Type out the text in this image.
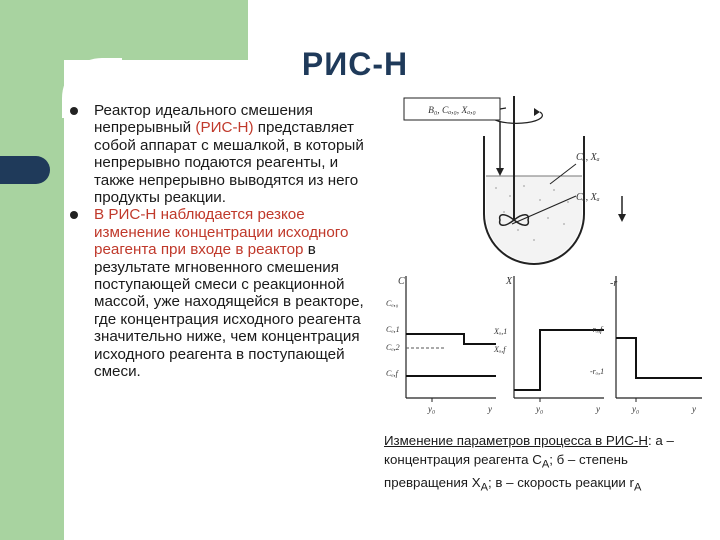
РИС-Н
Реактор идеального смешения непрерывный (РИС-Н) представляет собой аппарат с мешалкой, в который непрерывно подаются реагенты, и также непрерывно выводятся из него продукты реакции.
В РИС-Н наблюдается резкое изменение концентрации исходного реагента при входе в реактор в результате мгновенного смешения поступающей смеси с реакционной массой, уже находящейся в реакторе, где концентрация исходного реагента значительно ниже, чем концентрация исходного реагента в поступающей смеси.
B₀, Cₐ,₀, Xₐ,₀
Cₐ, Xₐ
Cₐ, Xₐ
C
Cₐ,₀
Cₐ,1
Cₐ,2
Cₐ,f
y₀	y
X
Xₐ,1
Xₐ,f
y₀	y
-r
-rₐ,f
-rₐ,1
y₀	y
Изменение параметров процесса в РИС-Н: а – концентрация реагента $C_A$; б – степень превращения $X_A$; в – скорость реакции $r_A$
